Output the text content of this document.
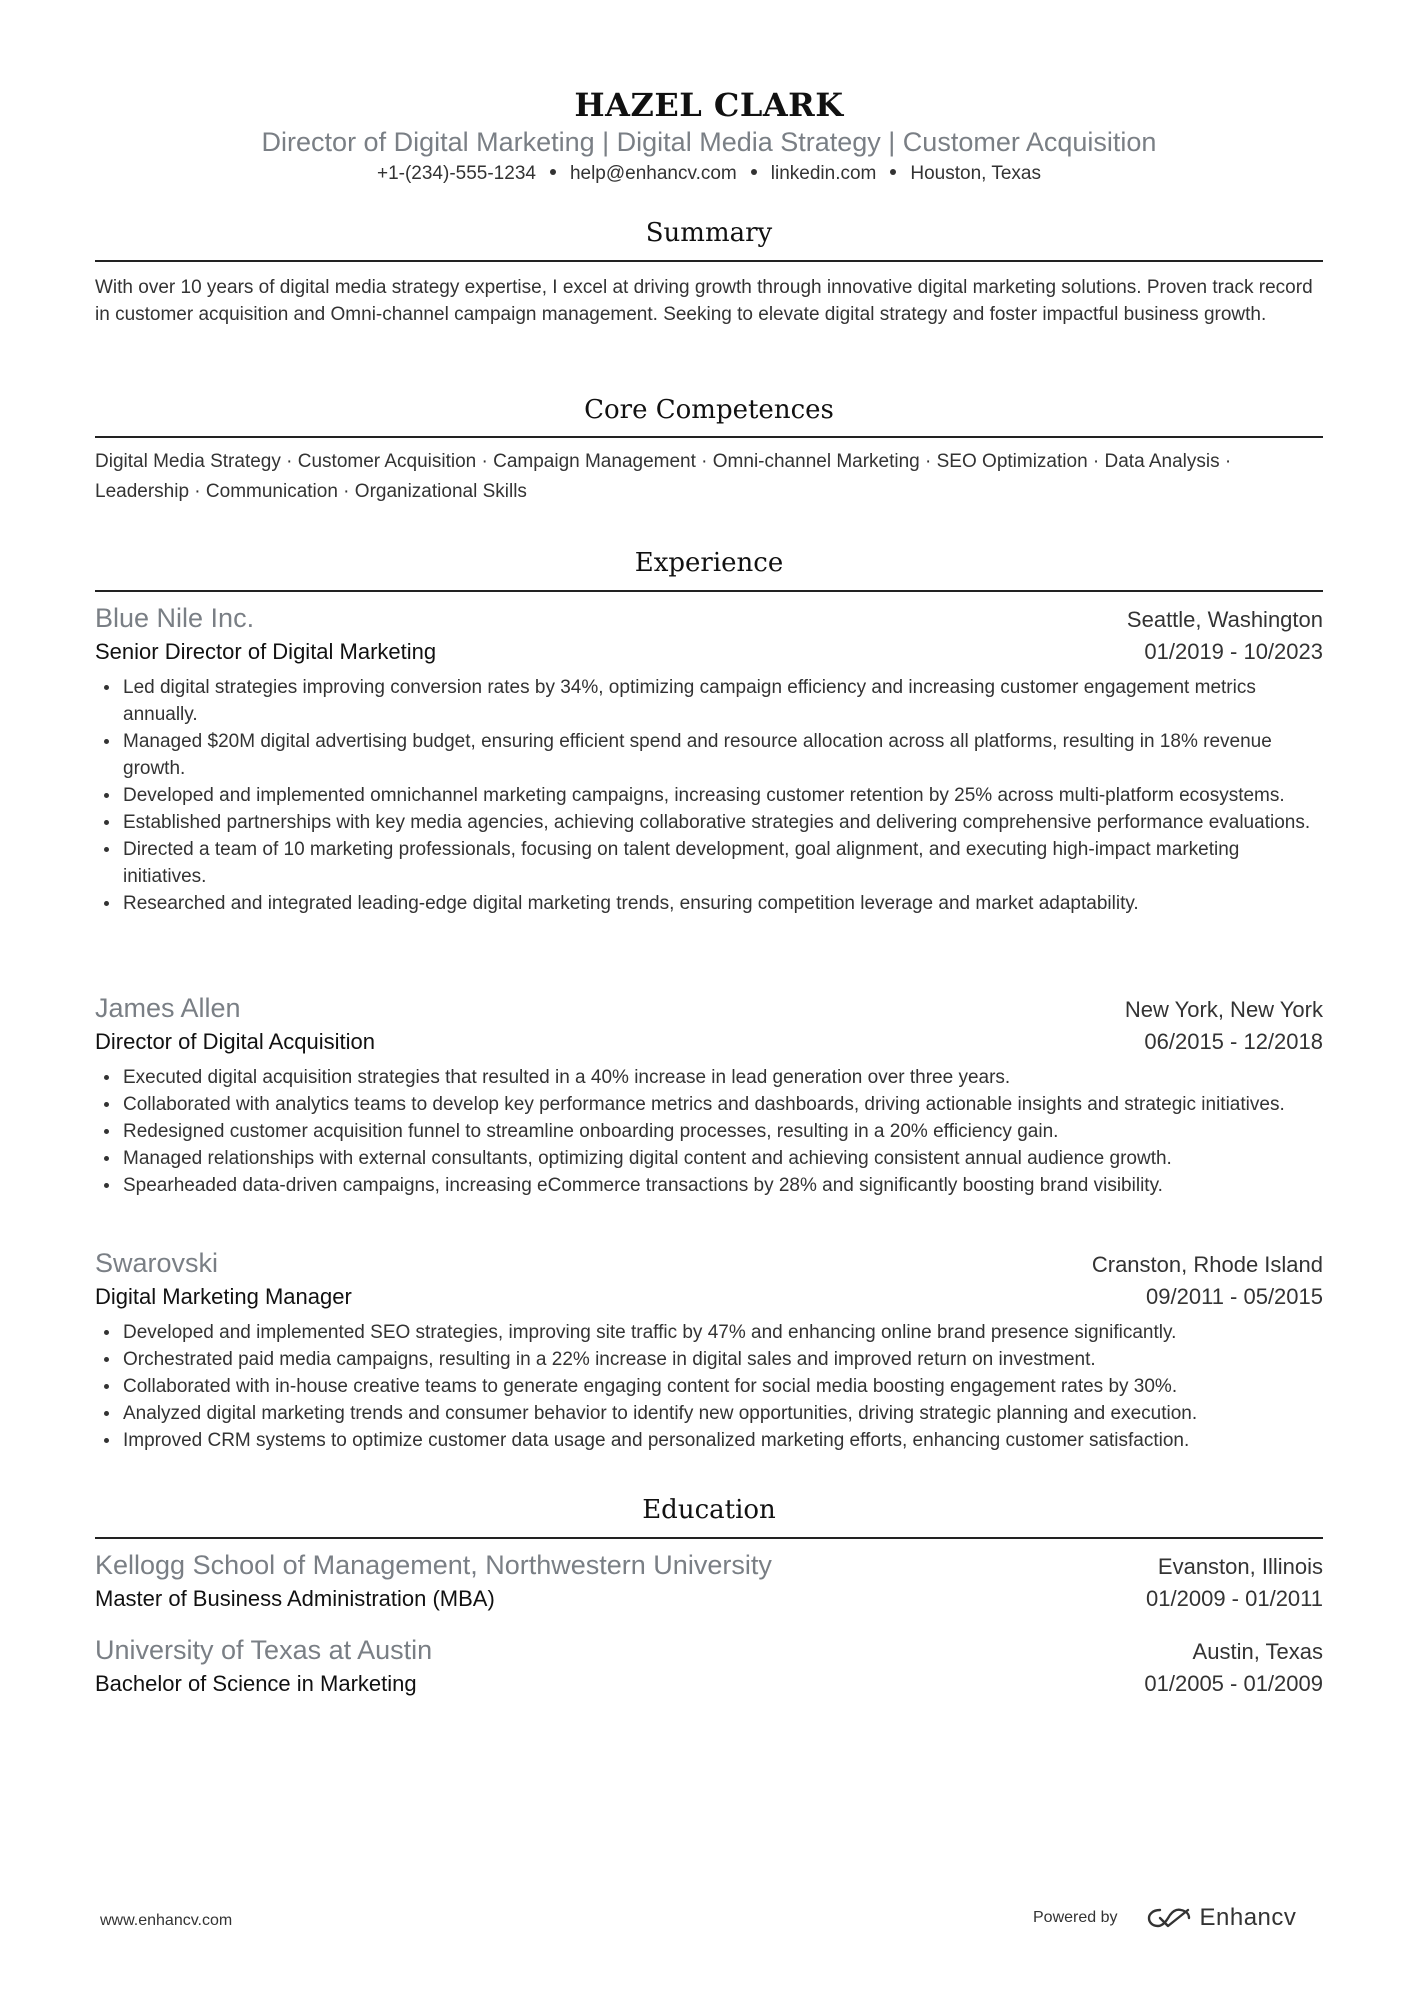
HAZEL CLARK
Director of Digital Marketing | Digital Media Strategy | Customer Acquisition
+1-(234)-555-1234 help@enhancv.com linkedin.com Houston, Texas
Summary
With over 10 years of digital media strategy expertise, I excel at driving growth through innovative digital marketing solutions. Proven track record in customer acquisition and Omni-channel campaign management. Seeking to elevate digital strategy and foster impactful business growth.
Core Competences
Digital Media Strategy · Customer Acquisition · Campaign Management · Omni-channel Marketing · SEO Optimization · Data Analysis · Leadership · Communication · Organizational Skills
Experience
Blue Nile Inc.	Seattle, Washington
Senior Director of Digital Marketing	01/2019 - 10/2023
Led digital strategies improving conversion rates by 34%, optimizing campaign efficiency and increasing customer engagement metrics annually.
Managed $20M digital advertising budget, ensuring efficient spend and resource allocation across all platforms, resulting in 18% revenue growth.
Developed and implemented omnichannel marketing campaigns, increasing customer retention by 25% across multi-platform ecosystems.
Established partnerships with key media agencies, achieving collaborative strategies and delivering comprehensive performance evaluations.
Directed a team of 10 marketing professionals, focusing on talent development, goal alignment, and executing high-impact marketing initiatives.
Researched and integrated leading-edge digital marketing trends, ensuring competition leverage and market adaptability.
James Allen	New York, New York
Director of Digital Acquisition	06/2015 - 12/2018
Executed digital acquisition strategies that resulted in a 40% increase in lead generation over three years.
Collaborated with analytics teams to develop key performance metrics and dashboards, driving actionable insights and strategic initiatives.
Redesigned customer acquisition funnel to streamline onboarding processes, resulting in a 20% efficiency gain.
Managed relationships with external consultants, optimizing digital content and achieving consistent annual audience growth.
Spearheaded data-driven campaigns, increasing eCommerce transactions by 28% and significantly boosting brand visibility.
Swarovski	Cranston, Rhode Island
Digital Marketing Manager	09/2011 - 05/2015
Developed and implemented SEO strategies, improving site traffic by 47% and enhancing online brand presence significantly.
Orchestrated paid media campaigns, resulting in a 22% increase in digital sales and improved return on investment.
Collaborated with in-house creative teams to generate engaging content for social media boosting engagement rates by 30%.
Analyzed digital marketing trends and consumer behavior to identify new opportunities, driving strategic planning and execution.
Improved CRM systems to optimize customer data usage and personalized marketing efforts, enhancing customer satisfaction.
Education
Kellogg School of Management, Northwestern University	Evanston, Illinois
Master of Business Administration (MBA)	01/2009 - 01/2011
University of Texas at Austin	Austin, Texas
Bachelor of Science in Marketing	01/2005 - 01/2009
www.enhancv.com	Powered by	Enhancv
